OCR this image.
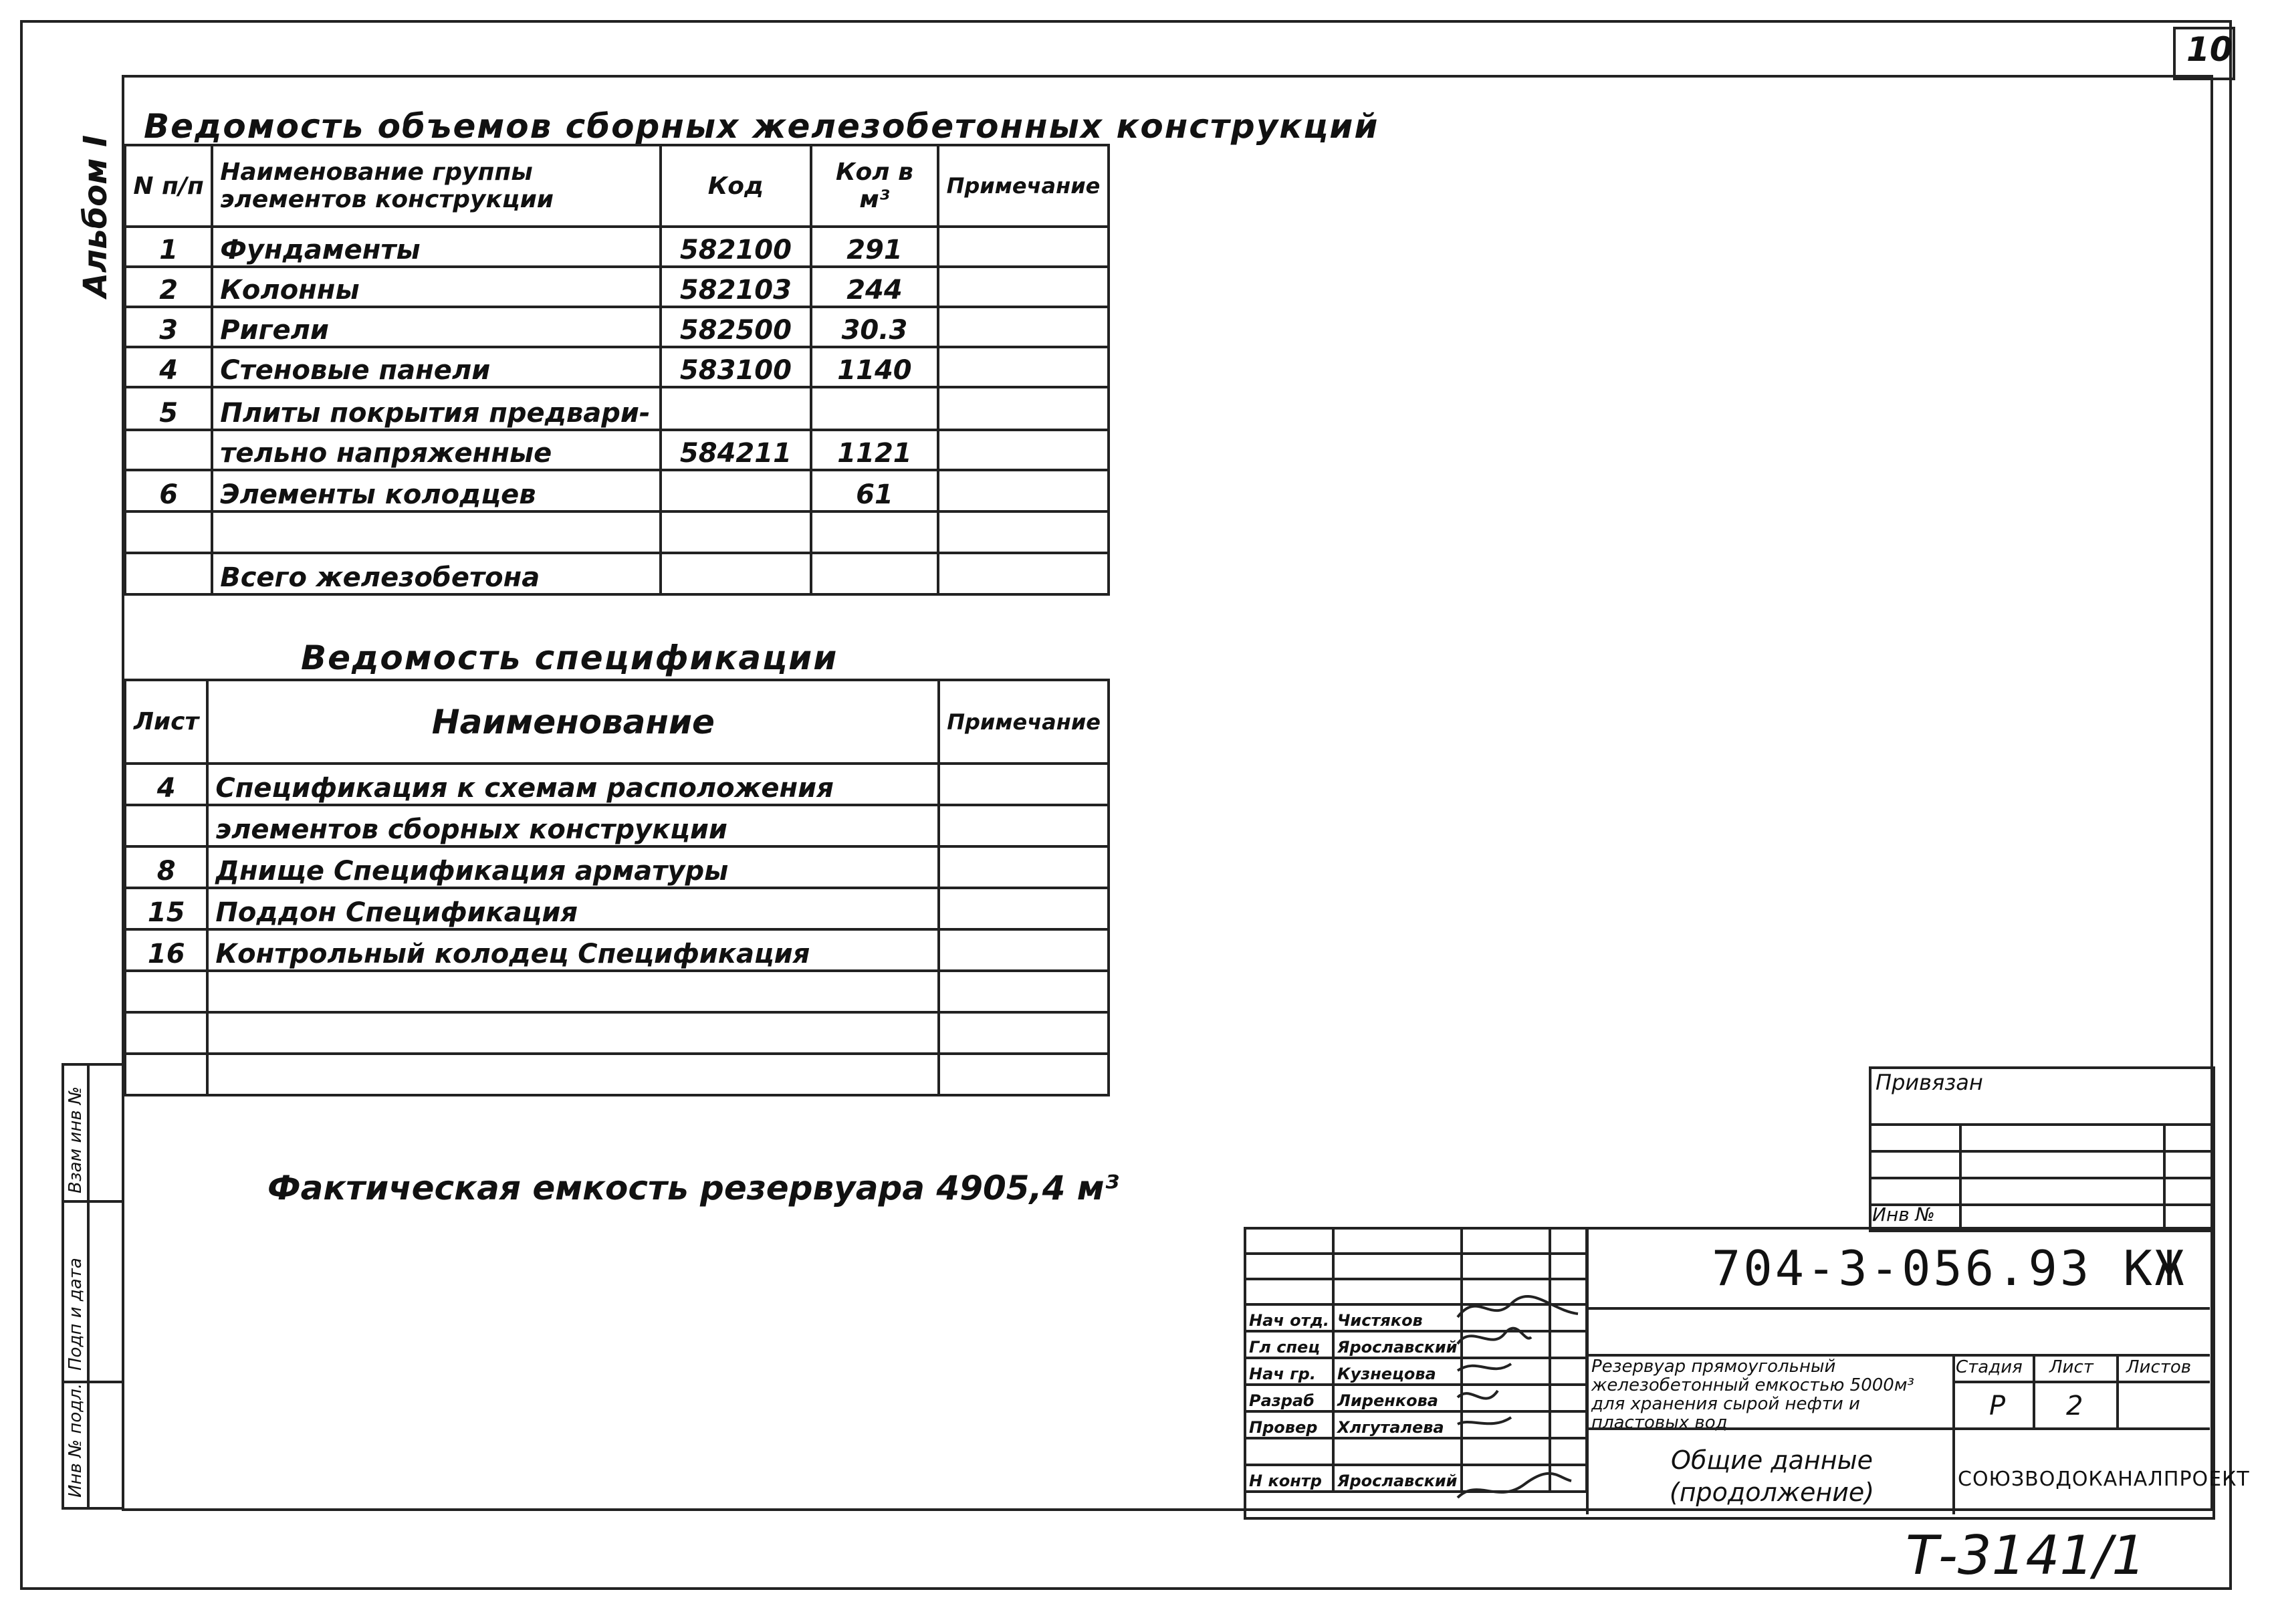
10
Альбом I
Ведомость объемов сборных железобетонных конструкций
N п/п	Наименование группы элементов конструкции	Код	Кол в м³	Примечание
1	Фундаменты	582100	291	
2	Колонны	582103	244	
3	Ригели	582500	30.3	
4	Стеновые панели	583100	1140	
5	Плиты покрытия предвари-			
	тельно напряженные	584211	1121	
6	Элементы колодцев		61	

	Всего железобетона			
Ведомость спецификации
Лист	Наименование	Примечание
4	Спецификация к схемам расположения	
	элементов сборных конструкции	
8	Днище Спецификация арматуры	
15	Поддон Спецификация	
16	Контрольный колодец Спецификация	

Фактическая емкость резервуара 4905,4 м³
Взам инв №
Подп и дата
Инв № подл.
Привязан
Инв №

Нач отд.	Чистяков		
Гл спец	Ярославский		
Нач гр.	Кузнецова		
Разраб	Лиренкова		
Провер	Хлгуталева		

Н контр	Ярославский		
704-3-056.93 КЖ
Резервуар прямоугольный железобетонный емкостью 5000м³ для хранения сырой нефти и пластовых вод
Стадия Лист Листов
Р 2
Общие данные (продолжение)	СОЮЗВОДОКАНАЛПРОЕКТ
Т-3141/1
